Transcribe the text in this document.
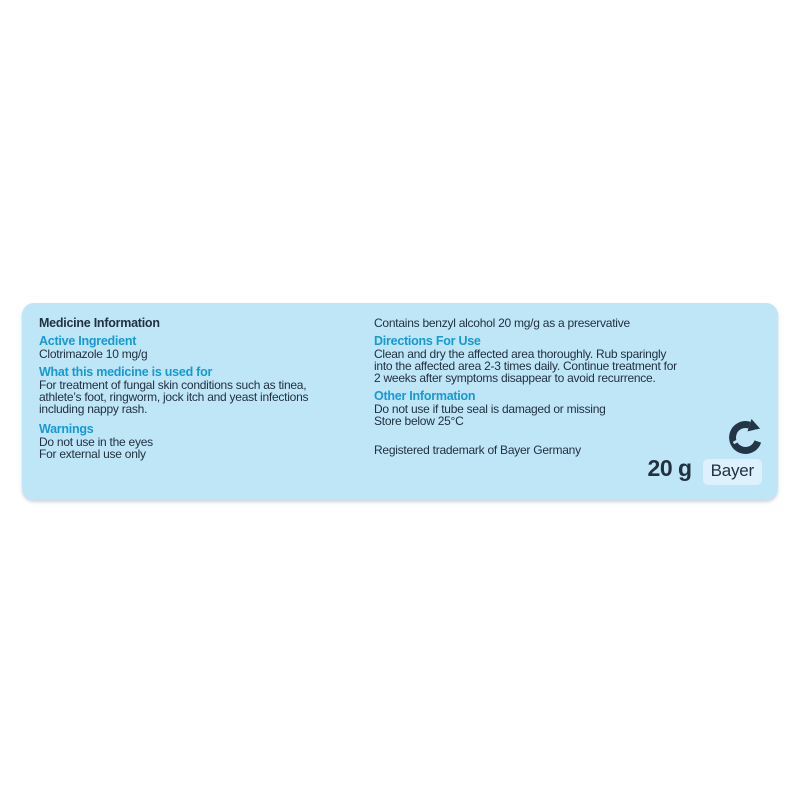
Medicine Information
Active Ingredient
Clotrimazole 10 mg/g
What this medicine is used for
For treatment of fungal skin conditions such as tinea,
athlete’s foot, ringworm, jock itch and yeast infections
including nappy rash.
Warnings
Do not use in the eyes
For external use only
Contains benzyl alcohol 20 mg/g as a preservative
Directions For Use
Clean and dry the affected area thoroughly. Rub sparingly
into the affected area 2-3 times daily. Continue treatment for
2 weeks after symptoms disappear to avoid recurrence.
Other Information
Do not use if tube seal is damaged or missing
Store below 25°C
Registered trademark of Bayer Germany
20 g	Bayer
